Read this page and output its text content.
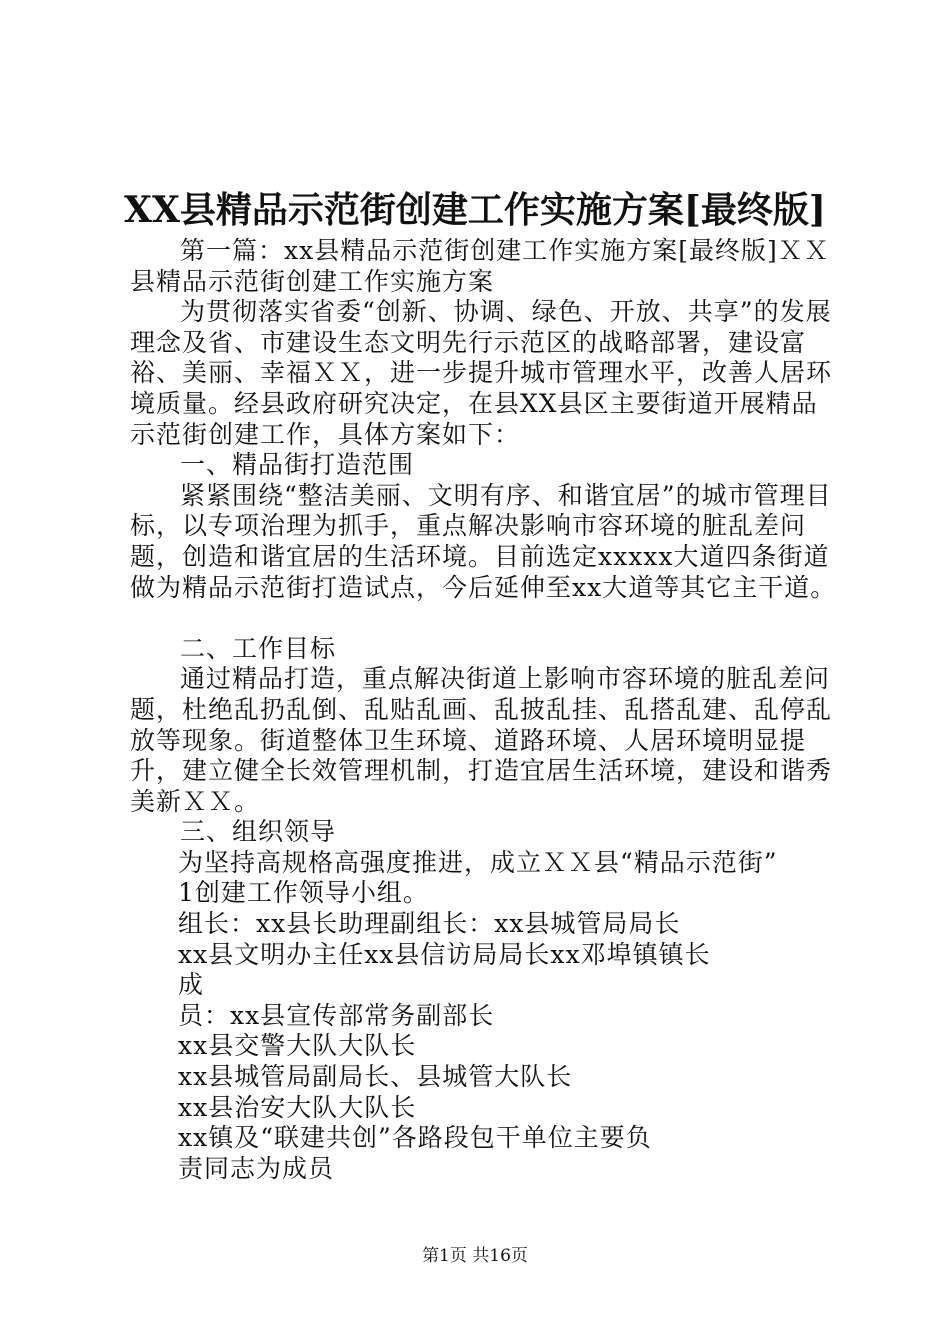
XX县精品示范街创建工作实施方案[最终版]

第一篇：xx县精品示范街创建工作实施方案[最终版]ＸＸ县精品示范街创建工作实施方案

为贯彻落实省委“创新、协调、绿色、开放、共享”的发展理念及省、市建设生态文明先行示范区的战略部署，建设富裕、美丽、幸福ＸＸ，进一步提升城市管理水平，改善人居环境质量。经县政府研究决定，在县XX县区主要街道开展精品示范街创建工作，具体方案如下：

一、精品街打造范围

紧紧围绕“整洁美丽、文明有序、和谐宜居”的城市管理目标，以专项治理为抓手，重点解决影响市容环境的脏乱差问题，创造和谐宜居的生活环境。目前选定xxxxx大道四条街道做为精品示范街打造试点，今后延伸至xx大道等其它主干道。

二、工作目标

通过精品打造，重点解决街道上影响市容环境的脏乱差问题，杜绝乱扔乱倒、乱贴乱画、乱披乱挂、乱搭乱建、乱停乱放等现象。街道整体卫生环境、道路环境、人居环境明显提升，建立健全长效管理机制，打造宜居生活环境，建设和谐秀美新ＸＸ。

三、组织领导

为坚持高规格高强度推进，成立ＸＸ县“精品示范街”

1创建工作领导小组。

组长：xx县长助理副组长：xx县城管局局长

xx县文明办主任xx县信访局局长xx邓埠镇镇长

成

员：xx县宣传部常务副部长

xx县交警大队大队长

xx县城管局副局长、县城管大队长

xx县治安大队大队长

xx镇及“联建共创”各路段包干单位主要负

责同志为成员

第1页 共16页
